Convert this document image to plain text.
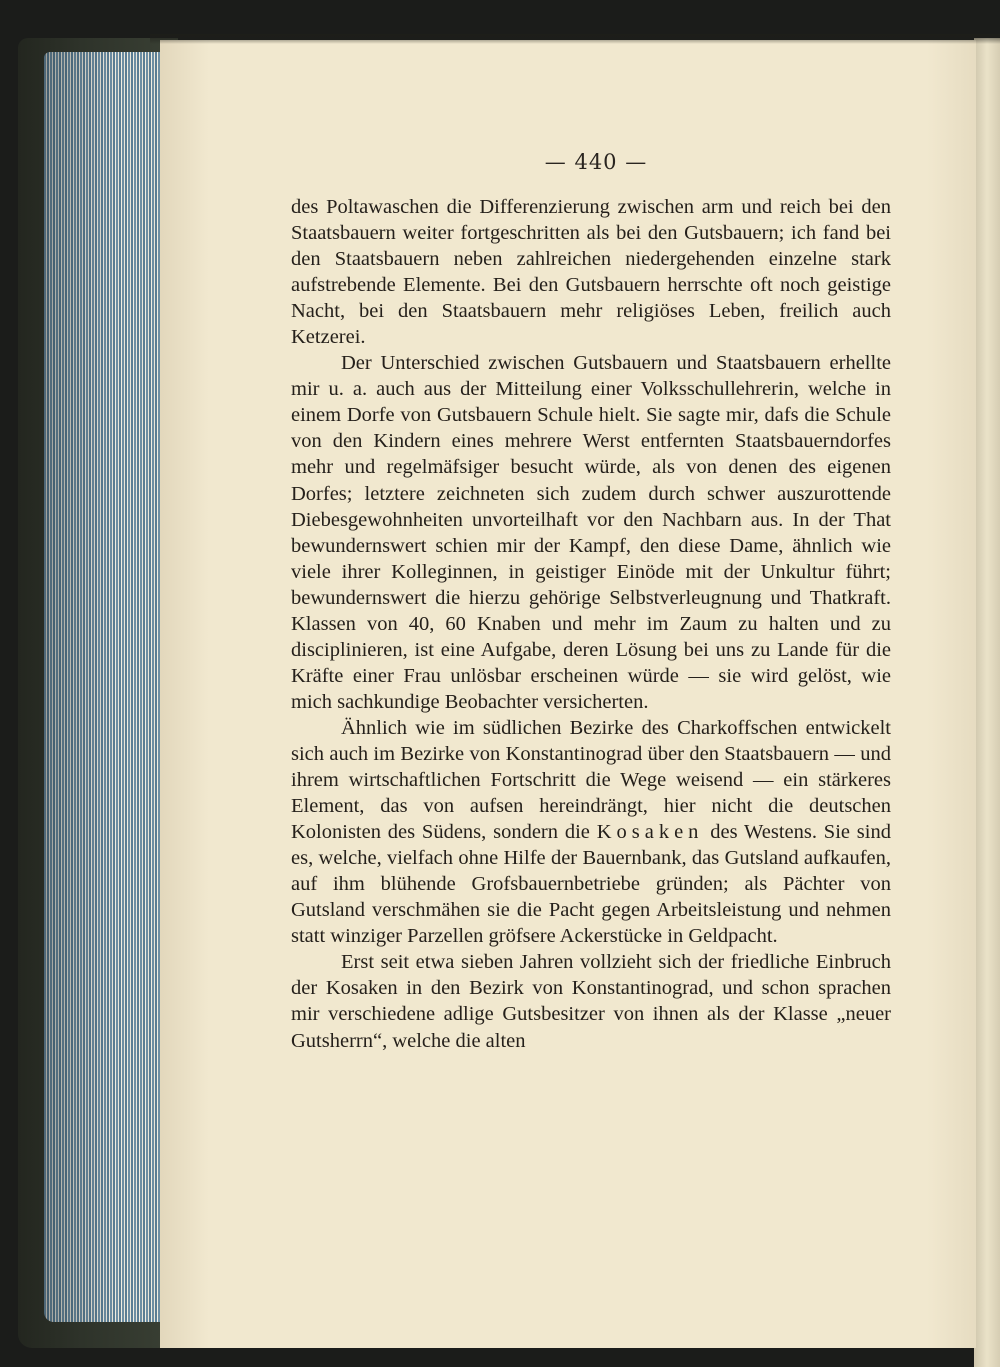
— 440 —

des Poltawaschen die Differenzierung zwischen arm und reich bei den Staatsbauern weiter fortgeschritten als bei den Gutsbauern; ich fand bei den Staatsbauern neben zahlreichen niedergehenden einzelne stark aufstrebende Elemente. Bei den Gutsbauern herrschte oft noch geistige Nacht, bei den Staatsbauern mehr religiöses Leben, freilich auch Ketzerei.

Der Unterschied zwischen Gutsbauern und Staatsbauern erhellte mir u. a. auch aus der Mitteilung einer Volksschullehrerin, welche in einem Dorfe von Gutsbauern Schule hielt. Sie sagte mir, dafs die Schule von den Kindern eines mehrere Werst entfernten Staatsbauerndorfes mehr und regelmäfsiger besucht würde, als von denen des eigenen Dorfes; letztere zeichneten sich zudem durch schwer auszurottende Diebesgewohnheiten unvorteilhaft vor den Nachbarn aus. In der That bewundernswert schien mir der Kampf, den diese Dame, ähnlich wie viele ihrer Kolleginnen, in geistiger Einöde mit der Unkultur führt; bewundernswert die hierzu gehörige Selbstverleugnung und Thatkraft. Klassen von 40, 60 Knaben und mehr im Zaum zu halten und zu disciplinieren, ist eine Aufgabe, deren Lösung bei uns zu Lande für die Kräfte einer Frau unlösbar erscheinen würde — sie wird gelöst, wie mich sachkundige Beobachter versicherten.

Ähnlich wie im südlichen Bezirke des Charkoffschen entwickelt sich auch im Bezirke von Konstantinograd über den Staatsbauern — und ihrem wirtschaftlichen Fortschritt die Wege weisend — ein stärkeres Element, das von aufsen hereindrängt, hier nicht die deutschen Kolonisten des Südens, sondern die Kosaken des Westens. Sie sind es, welche, vielfach ohne Hilfe der Bauernbank, das Gutsland aufkaufen, auf ihm blühende Grofsbauernbetriebe gründen; als Pächter von Gutsland verschmähen sie die Pacht gegen Arbeitsleistung und nehmen statt winziger Parzellen gröfsere Ackerstücke in Geldpacht.

Erst seit etwa sieben Jahren vollzieht sich der friedliche Einbruch der Kosaken in den Bezirk von Konstantinograd, und schon sprachen mir verschiedene adlige Gutsbesitzer von ihnen als der Klasse „neuer Gutsherrn“, welche die alten
